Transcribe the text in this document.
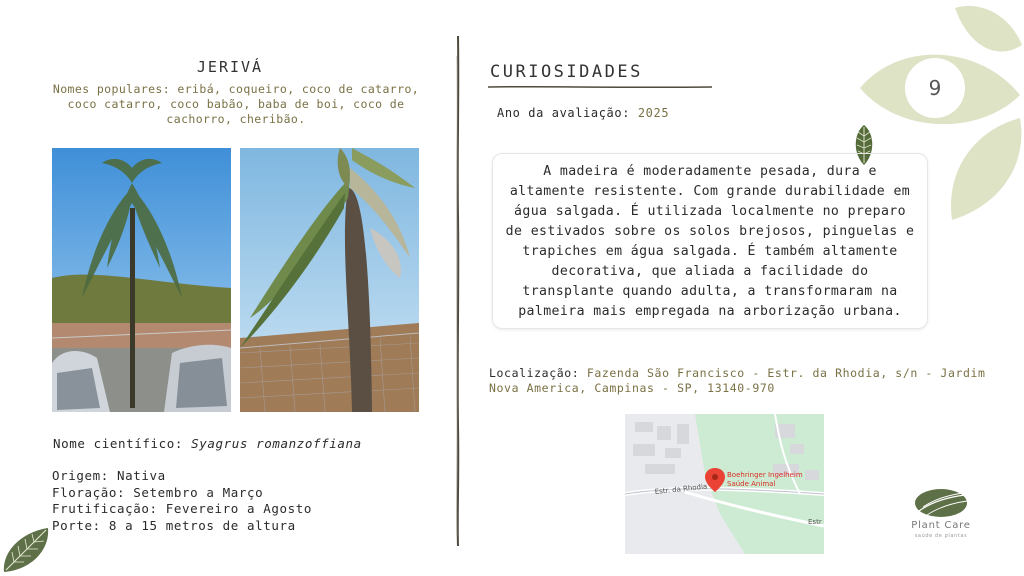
9
JERIVÁ
Nomes populares: eribá, coqueiro, coco de catarro, coco catarro, coco babão, baba de boi, coco de cachorro, cheribão.
Nome científico: Syagrus romanzoffiana
Origem: Nativa
Floração: Setembro a Março
Frutificação: Fevereiro a Agosto
Porte: 8 a 15 metros de altura
CURIOSIDADES
Ano da avaliação: 2025
A madeira é moderadamente pesada, dura e altamente resistente. Com grande durabilidade em água salgada. É utilizada localmente no preparo de estivados sobre os solos brejosos, pinguelas e trapiches em água salgada. É também altamente decorativa, que aliada a facilidade do transplante quando adulta, a transformaram na palmeira mais empregada na arborização urbana.
Localização: Fazenda São Francisco - Estr. da Rhodia, s/n - Jardim Nova America, Campinas - SP, 13140-970
Estr. da Rhodia
Estr
Boehringer Ingelheim
Saúde Animal
Plant Care
saúde de plantas
